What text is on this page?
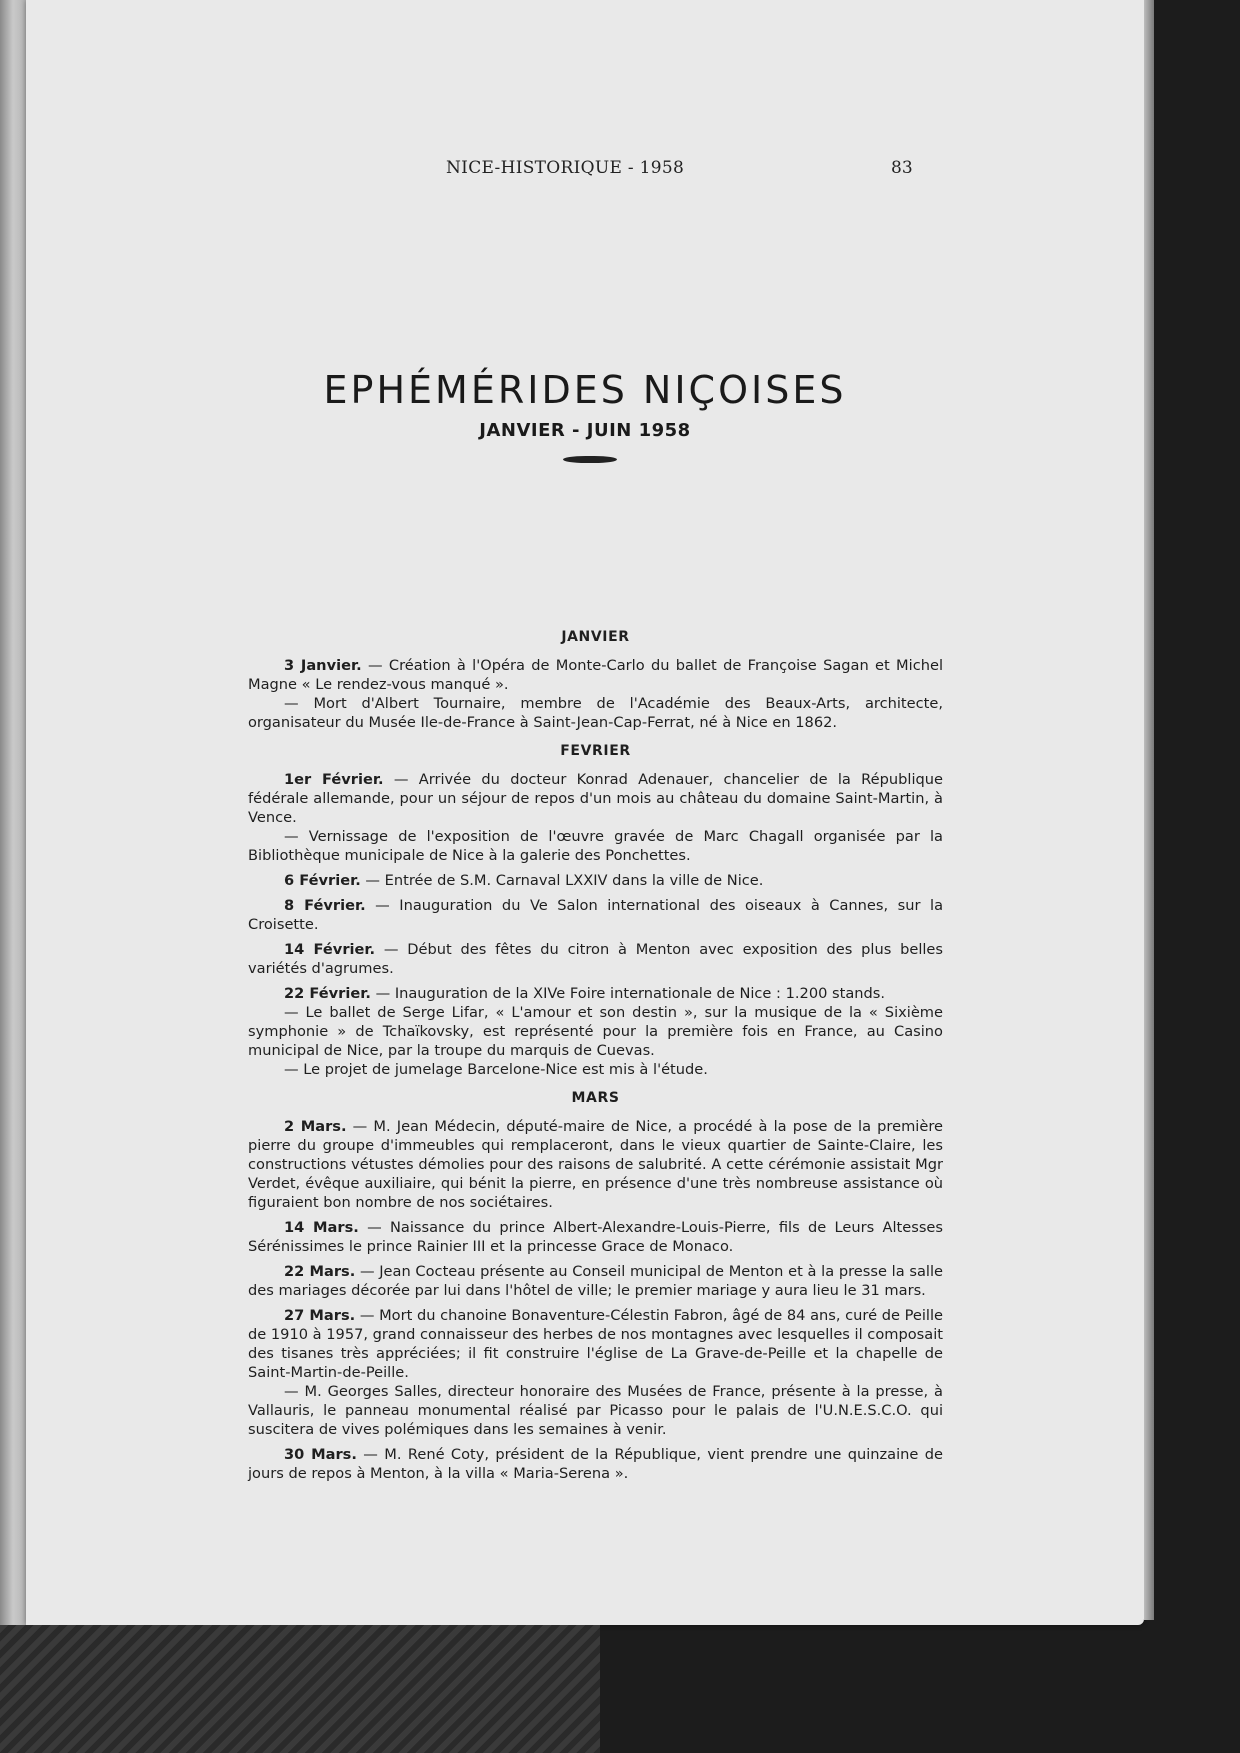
NICE-HISTORIQUE - 1958	83
EPHÉMÉRIDES NIÇOISES
JANVIER - JUIN 1958
JANVIER

3 Janvier. — Création à l'Opéra de Monte-Carlo du ballet de Françoise Sagan et Michel Magne « Le rendez-vous manqué ».

— Mort d'Albert Tournaire, membre de l'Académie des Beaux-Arts, architecte, organisateur du Musée Ile-de-France à Saint-Jean-Cap-Ferrat, né à Nice en 1862.

FEVRIER

1er Février. — Arrivée du docteur Konrad Adenauer, chancelier de la République fédérale allemande, pour un séjour de repos d'un mois au château du domaine Saint-Martin, à Vence.

— Vernissage de l'exposition de l'œuvre gravée de Marc Chagall organisée par la Bibliothèque municipale de Nice à la galerie des Ponchettes.

6 Février. — Entrée de S.M. Carnaval LXXIV dans la ville de Nice.

8 Février. — Inauguration du Ve Salon international des oiseaux à Cannes, sur la Croisette.

14 Février. — Début des fêtes du citron à Menton avec exposition des plus belles variétés d'agrumes.

22 Février. — Inauguration de la XIVe Foire internationale de Nice : 1.200 stands.

— Le ballet de Serge Lifar, « L'amour et son destin », sur la musique de la « Sixième symphonie » de Tchaïkovsky, est représenté pour la première fois en France, au Casino municipal de Nice, par la troupe du marquis de Cuevas.

— Le projet de jumelage Barcelone-Nice est mis à l'étude.

MARS

2 Mars. — M. Jean Médecin, député-maire de Nice, a procédé à la pose de la première pierre du groupe d'immeubles qui remplaceront, dans le vieux quartier de Sainte-Claire, les constructions vétustes démolies pour des raisons de salubrité. A cette cérémonie assistait Mgr Verdet, évêque auxiliaire, qui bénit la pierre, en présence d'une très nombreuse assistance où figuraient bon nombre de nos sociétaires.

14 Mars. — Naissance du prince Albert-Alexandre-Louis-Pierre, fils de Leurs Altesses Sérénissimes le prince Rainier III et la princesse Grace de Monaco.

22 Mars. — Jean Cocteau présente au Conseil municipal de Menton et à la presse la salle des mariages décorée par lui dans l'hôtel de ville; le premier mariage y aura lieu le 31 mars.

27 Mars. — Mort du chanoine Bonaventure-Célestin Fabron, âgé de 84 ans, curé de Peille de 1910 à 1957, grand connaisseur des herbes de nos montagnes avec lesquelles il composait des tisanes très appréciées; il fit construire l'église de La Grave-de-Peille et la chapelle de Saint-Martin-de-Peille.

— M. Georges Salles, directeur honoraire des Musées de France, présente à la presse, à Vallauris, le panneau monumental réalisé par Picasso pour le palais de l'U.N.E.S.C.O. qui suscitera de vives polémiques dans les semaines à venir.

30 Mars. — M. René Coty, président de la République, vient prendre une quinzaine de jours de repos à Menton, à la villa « Maria-Serena ».
